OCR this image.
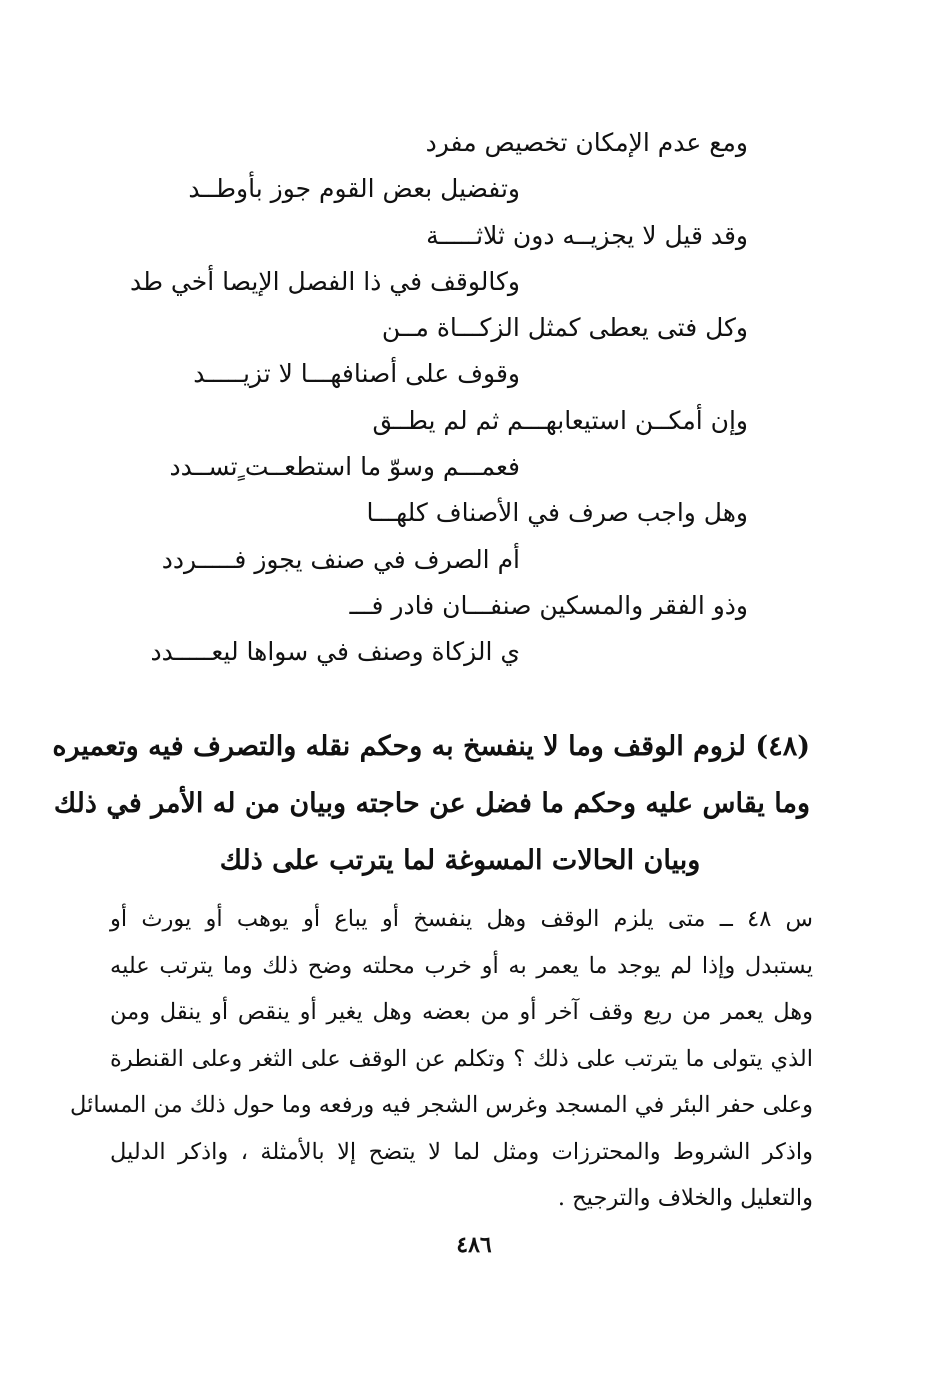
ومع عدم الإمكان تخصيص مفرد
وتفضيل بعض القوم جوز بأوطــد
وقد قيل لا يجزيــه دون ثلاثـــــة
وكالوقف في ذا الفصل الإيصا أخي طد
وكل فتى يعطى كمثل الزكـــاة مــن
وقوف على أصنافهـــا لا تزيـــــد
وإن أمكــن استيعابهـــم ثم لم يطــق
فعمـــم وسوّ ما استطعــت ٍتســدد
وهل واجب صرف في الأصناف كلهـــا
أم الصرف في صنف يجوز فـــــردد
وذو الفقر والمسكين صنفـــان فادر فـــ
ي الزكاة وصنف في سواها ليعـــــدد
(٤٨) لزوم الوقف وما لا ينفسخ به وحكم نقله والتصرف فيه وتعميره
وما يقاس عليه وحكم ما فضل عن حاجته وبيان من له الأمر في ذلك
وبيان الحالات المسوغة لما يترتب على ذلك
س ٤٨ ــ متى يلزم الوقف وهل ينفسخ أو يباع أو يوهب أو يورث أو
يستبدل وإذا لم يوجد ما يعمر به أو خرب محلته وضح ذلك وما يترتب عليه
وهل يعمر من ريع وقف آخر أو من بعضه وهل يغير أو ينقص أو ينقل ومن
الذي يتولى ما يترتب على ذلك ؟ وتكلم عن الوقف على الثغر وعلى القنطرة
وعلى حفر البئر في المسجد وغرس الشجر فيه ورفعه وما حول ذلك من المسائل
واذكر الشروط والمحترزات ومثل لما لا يتضح إلا بالأمثلة ، واذكر الدليل
والتعليل والخلاف والترجيح .
٤٨٦
